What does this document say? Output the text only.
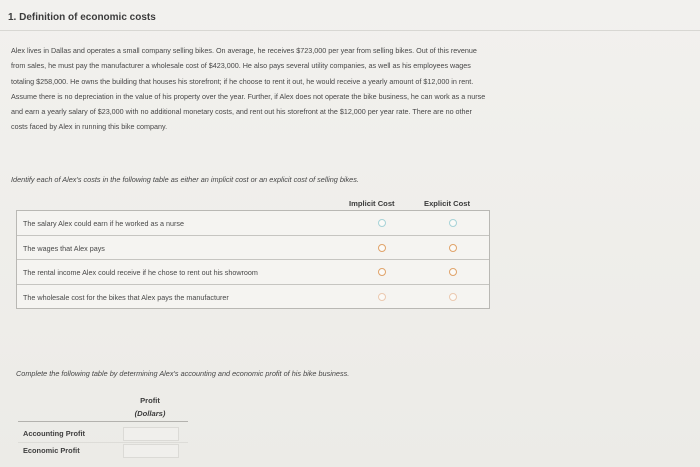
1. Definition of economic costs
Alex lives in Dallas and operates a small company selling bikes. On average, he receives $723,000 per year from selling bikes. Out of this revenue
from sales, he must pay the manufacturer a wholesale cost of $423,000. He also pays several utility companies, as well as his employees wages
totaling $258,000. He owns the building that houses his storefront; if he choose to rent it out, he would receive a yearly amount of $12,000 in rent.
Assume there is no depreciation in the value of his property over the year. Further, if Alex does not operate the bike business, he can work as a nurse
and earn a yearly salary of $23,000 with no additional monetary costs, and rent out his storefront at the $12,000 per year rate. There are no other
costs faced by Alex in running this bike company.
Identify each of Alex's costs in the following table as either an implicit cost or an explicit cost of selling bikes.
Implicit Cost	Explicit Cost
The salary Alex could earn if he worked as a nurse
The wages that Alex pays
The rental income Alex could receive if he chose to rent out his showroom
The wholesale cost for the bikes that Alex pays the manufacturer
Complete the following table by determining Alex's accounting and economic profit of his bike business.
Profit
(Dollars)
Accounting Profit
Economic Profit
